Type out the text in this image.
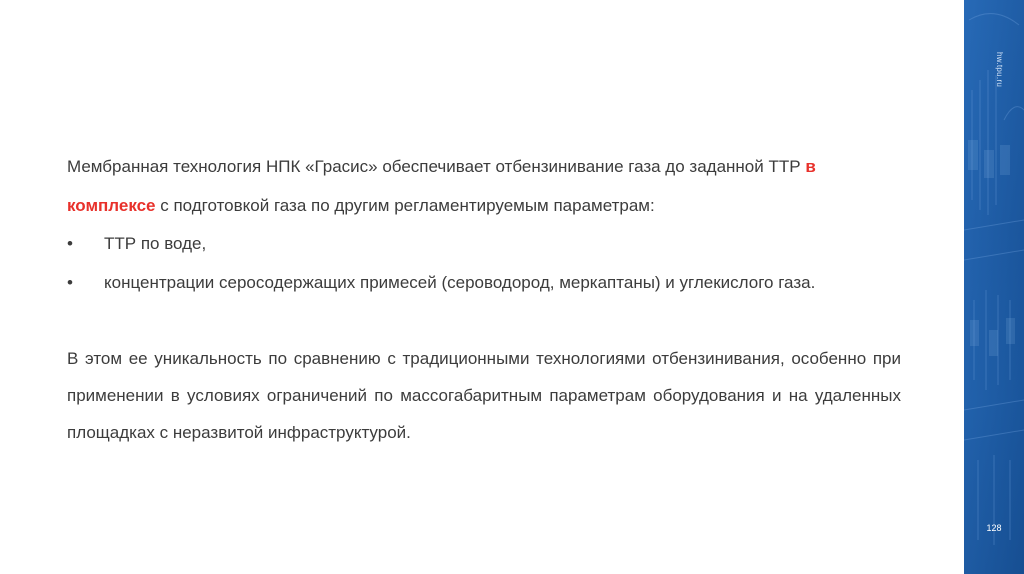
Мембранная технология НПК «Грасис» обеспечивает отбензинивание газа до заданной ТТР в комплексе с подготовкой газа по другим регламентируемым параметрам:

• ТТР по воде,
• концентрации серосодержащих примесей (сероводород, меркаптаны) и углекислого газа.

В этом ее уникальность по сравнению с традиционными технологиями отбензинивания, особенно при применении в условиях ограничений по массогабаритным параметрам оборудования и на удаленных площадках с неразвитой инфраструктурой.

hw.tpu.ru
128
